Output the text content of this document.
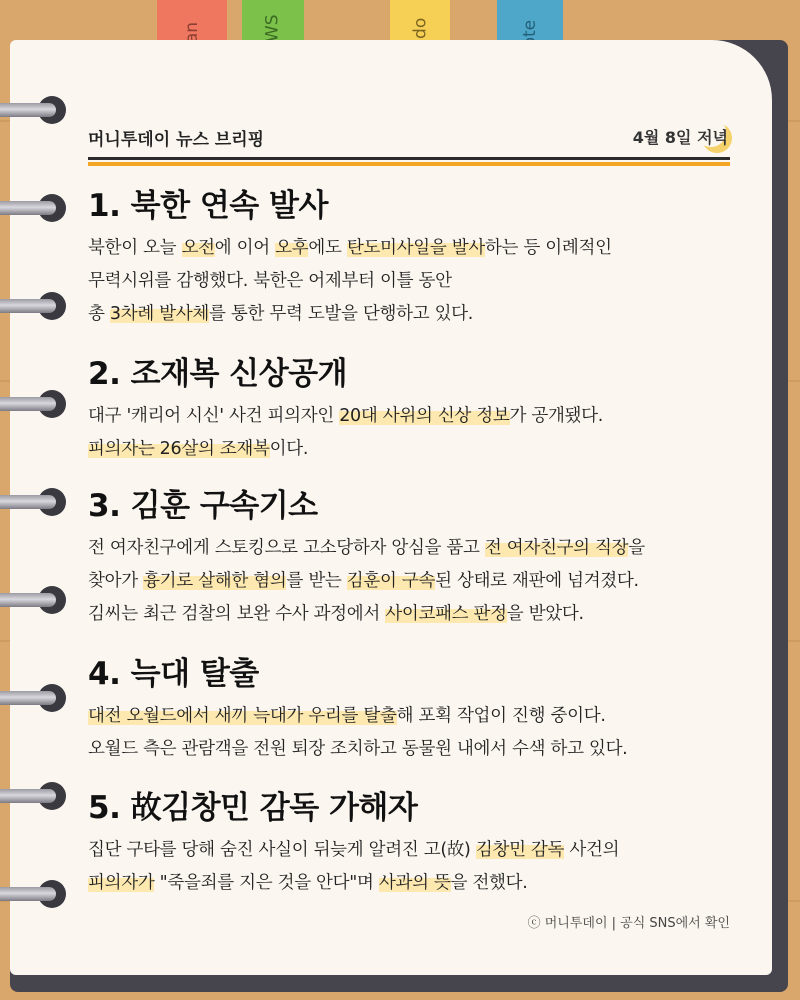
머니투데이 뉴스 브리핑	4월 8일 저녁
1. 북한 연속 발사

북한이 오늘 오전에 이어 오후에도 탄도미사일을 발사하는 등 이례적인

무력시위를 감행했다. 북한은 어제부터 이틀 동안

총 3차례 발사체를 통한 무력 도발을 단행하고 있다.

2. 조재복 신상공개

대구 '캐리어 시신' 사건 피의자인 20대 사위의 신상 정보가 공개됐다.

피의자는 26살의 조재복이다.

3. 김훈 구속기소

전 여자친구에게 스토킹으로 고소당하자 앙심을 품고 전 여자친구의 직장을

찾아가 흉기로 살해한 혐의를 받는 김훈이 구속된 상태로 재판에 넘겨졌다.

김씨는 최근 검찰의 보완 수사 과정에서 사이코패스 판정을 받았다.

4. 늑대 탈출

대전 오월드에서 새끼 늑대가 우리를 탈출해 포획 작업이 진행 중이다.

오월드 측은 관람객을 전원 퇴장 조치하고 동물원 내에서 수색 하고 있다.

5. 故김창민 감독 가해자

집단 구타를 당해 숨진 사실이 뒤늦게 알려진 고(故) 김창민 감독 사건의

피의자가 "죽을죄를 지은 것을 안다"며 사과의 뜻을 전했다.

ⓒ 머니투데이 | 공식 SNS에서 확인
